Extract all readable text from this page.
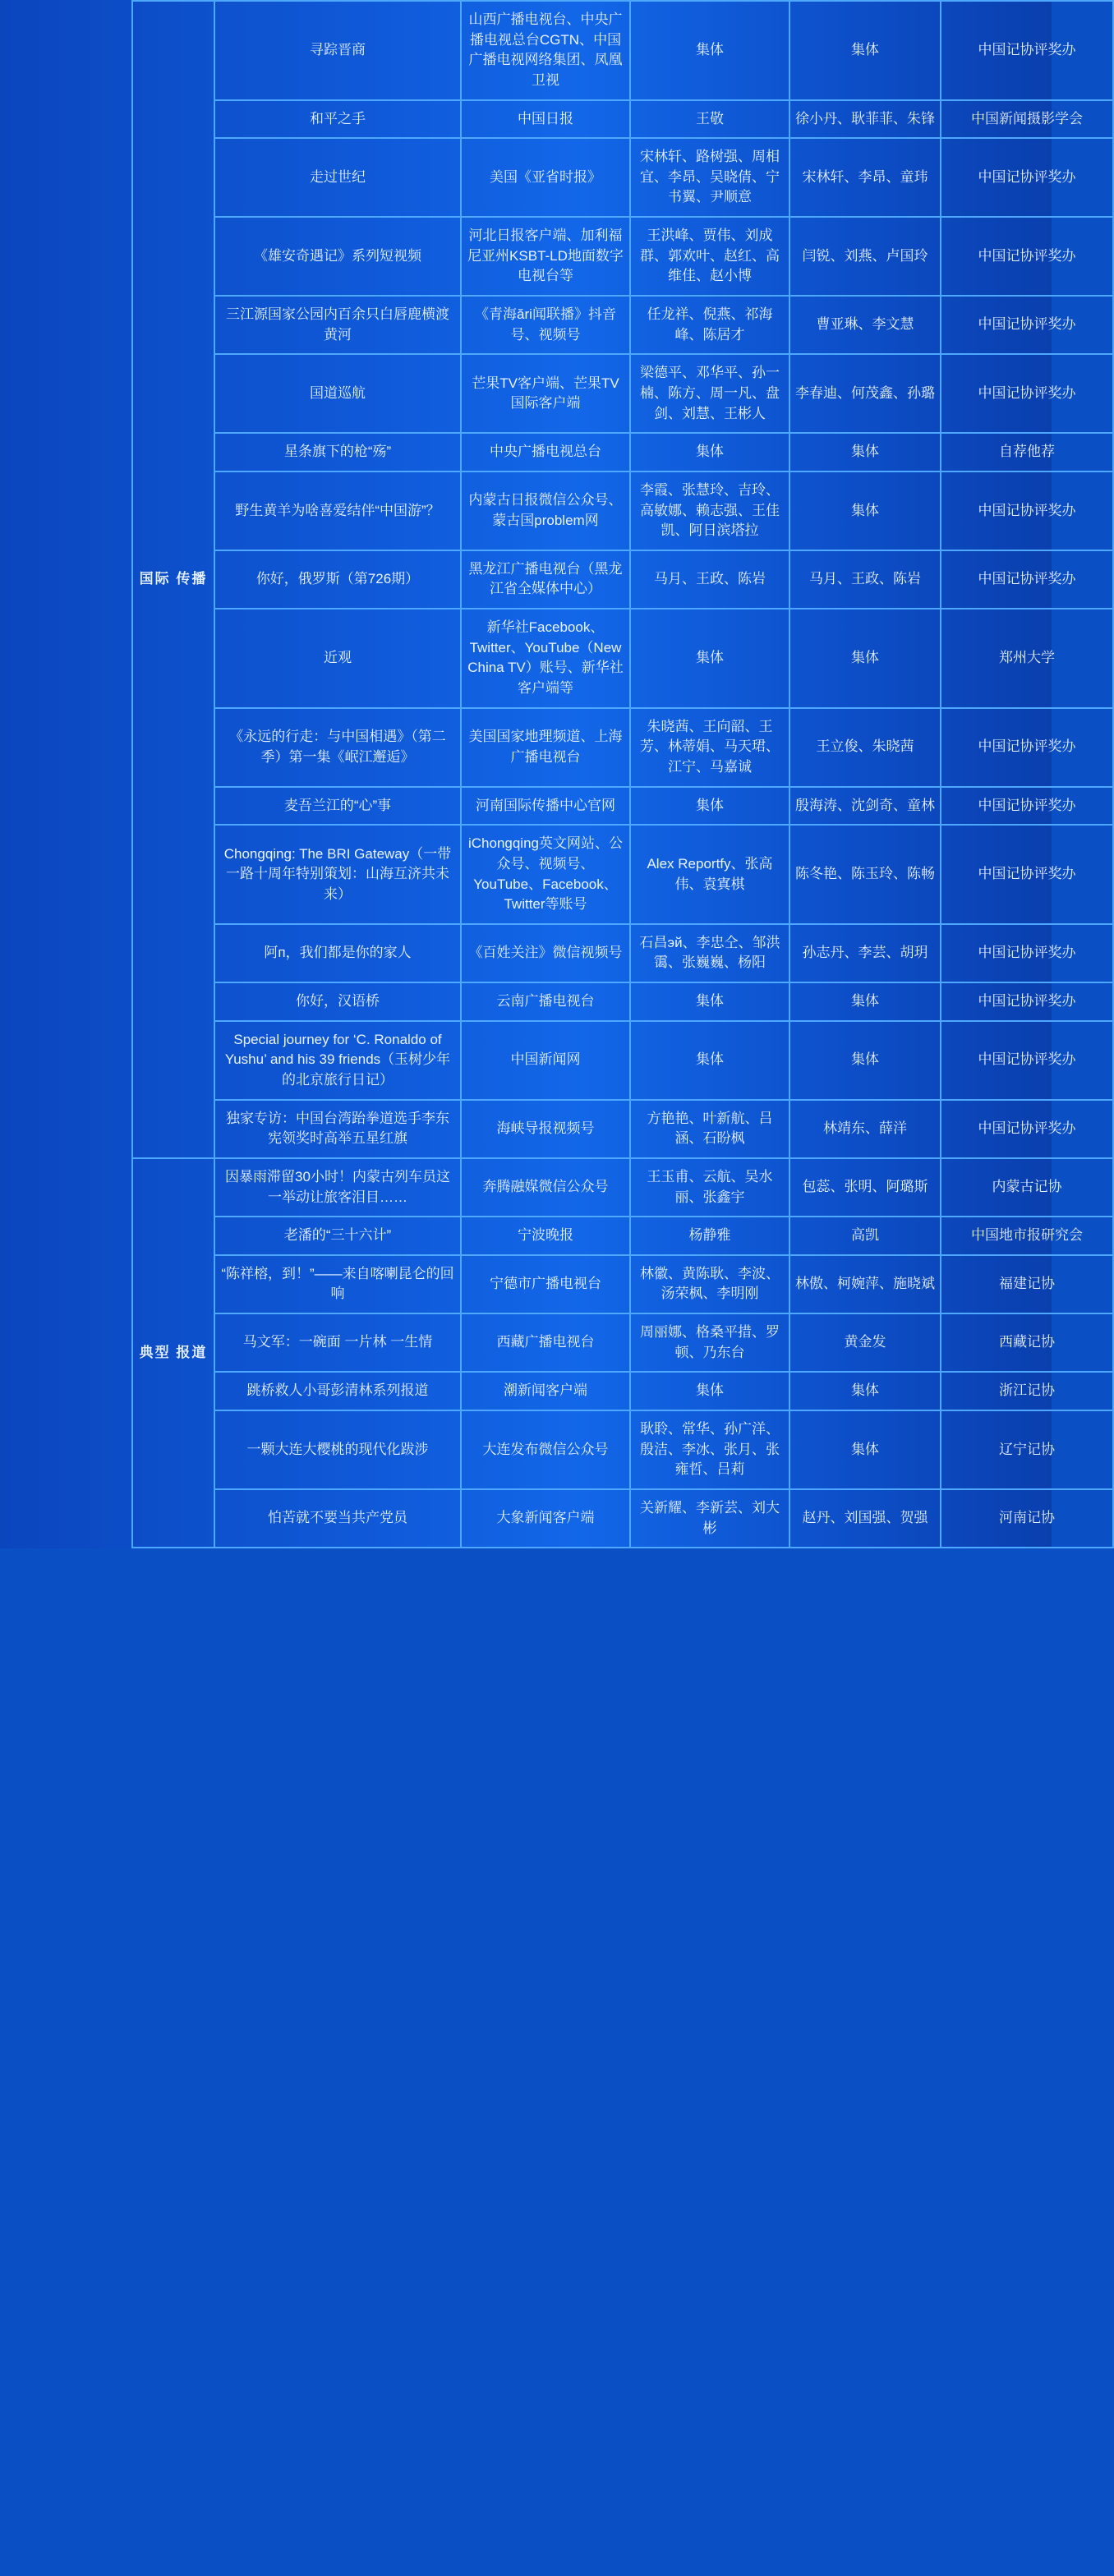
国际 传播	寻踪晋商	山西广播电视台、中央广播电视总台CGTN、中国广播电视网络集团、凤凰卫视	集体	集体	中国记协评奖办
	和平之手	中国日报	王敬	徐小丹、耿菲菲、朱锋	中国新闻摄影学会
	走过世纪	美国《亚省时报》	宋林轩、路树强、周相宜、李昂、吴晓倩、宁书翼、尹顺意	宋林轩、李昂、童玮	中国记协评奖办
	《雄安奇遇记》系列短视频	河北日报客户端、加利福尼亚州KSBT-LD地面数字电视台等	王洪峰、贾伟、刘成群、郭欢叶、赵红、高维佳、赵小博	闫锐、刘燕、卢国玲	中国记协评奖办
	三江源国家公园内百余只白唇鹿横渡黄河	《青海ări闻联播》抖音号、视频号	任龙祥、倪燕、祁海峰、陈居才	曹亚琳、李文慧	中国记协评奖办
	国道巡航	芒果TV客户端、芒果TV国际客户端	梁德平、邓华平、孙一楠、陈方、周一凡、盘剑、刘慧、王彬人	李春迪、何茂鑫、孙璐	中国记协评奖办
	星条旗下的枪“殇”	中央广播电视总台	集体	集体	自荐他荐
	野生黄羊为啥喜爱结伴“中国游”？	内蒙古日报微信公众号、蒙古国problem网	李霞、张慧玲、吉玲、高敏娜、赖志强、王佳凯、阿日滨塔拉	集体	中国记协评奖办
	你好，俄罗斯（第726期）	黑龙江广播电视台（黑龙江省全媒体中心）	马月、王政、陈岩	马月、王政、陈岩	中国记协评奖办
	近观	新华社Facebook、Twitter、YouTube（New China TV）账号、新华社客户端等	集体	集体	郑州大学
	《永远的行走：与中国相遇》（第二季）第一集《岷江邂逅》	美国国家地理频道、上海广播电视台	朱晓茜、王向韶、王芳、林蒂娟、马天珺、江宁、马嘉诚	王立俊、朱晓茜	中国记协评奖办
	麦吾兰江的“心”事	河南国际传播中心官网	集体	殷海涛、沈剑奇、童林	中国记协评奖办
	Chongqing: The BRI Gateway（一带一路十周年特别策划：山海互济共未来）	iChongqing英文网站、公众号、视频号、YouTube、Facebook、Twitter等账号	Alex Reportfy、张高伟、袁寘棋	陈冬艳、陈玉玲、陈畅	中国记协评奖办
	阿п，我们都是你的家人	《百姓关注》微信视频号	石昌эй、李忠仝、邹洪霭、张巍巍、杨阳	孙志丹、李芸、胡玥	中国记协评奖办
	你好，汉语桥	云南广播电视台	集体	集体	中国记协评奖办
	Special journey for ‘C. Ronaldo of Yushu’ and his 39 friends（玉树少年的北京旅行日记）	中国新闻网	集体	集体	中国记协评奖办
	独家专访：中国台湾跆拳道选手李东宪领奖时高举五星红旗	海峡导报视频号	方艳艳、叶新航、吕涵、石盼枫	林靖东、薛洋	中国记协评奖办
典型 报道	因暴雨滞留30小时！内蒙古列车员这一举动让旅客泪目……	奔腾融媒微信公众号	王玉甫、云航、吴水丽、张鑫宇	包蕊、张明、阿璐斯	内蒙古记协
	老潘的“三十六计”	宁波晚报	杨静雅	高凯	中国地市报研究会
	“陈祥榕，到！”——来自喀喇昆仑的回响	宁德市广播电视台	林徽、黄陈耿、李波、汤荣枫、李明刚	林傲、柯婉萍、施晓斌	福建记协
	马文军：一碗面 一片林 一生情	西藏广播电视台	周丽娜、格桑平措、罗顿、乃东台	黄金发	西藏记协
	跳桥救人小哥彭清林系列报道	潮新闻客户端	集体	集体	浙江记协
	一颗大连大樱桃的现代化跋涉	大连发布微信公众号	耿聆、常华、孙广洋、殷洁、李冰、张月、张雍哲、吕莉	集体	辽宁记协
	怕苦就不要当共产党员	大象新闻客户端	关新耀、李新芸、刘大彬	赵丹、刘国强、贺强	河南记协
